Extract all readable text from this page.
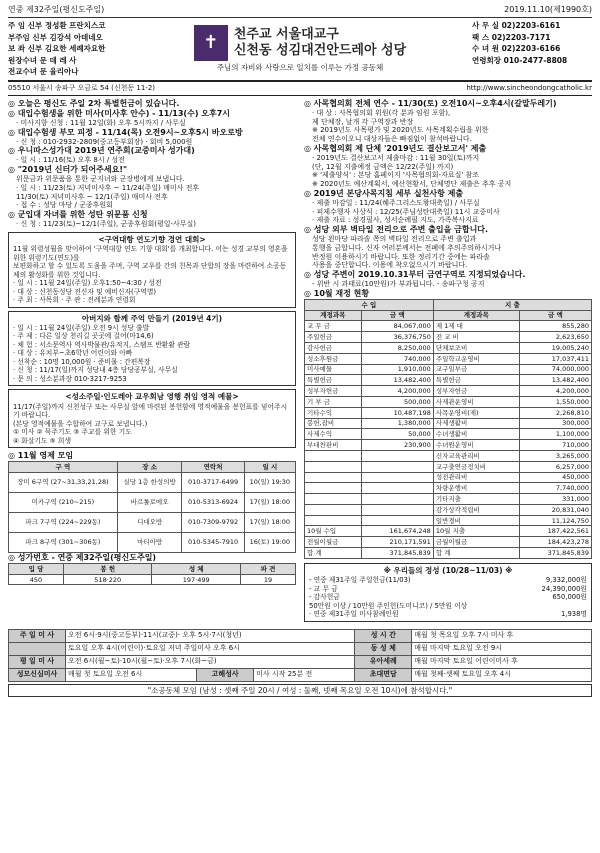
연중 제32주일(평신도주일)	2019.11.10(제1990호)
주 임 신부 정성환 프란치스코
부주임 신부 김강석 아데네오
보 좌 신부 김요한 세례자요한
원장수녀 문 데 레 사
전교수녀 문 율리아나
✝	천주교 서울대교구
신천동 성김대건안드레아 성당
주님의 자비와 사랑으로 일치를 이루는 가정 공동체
사 무 실 02)2203-6161
팩 스 02)2203-7171
수 녀 원 02)2203-6166
연령회장 010-2477-8808
05510 서울시 송파구 오금로 54 (신천동 11-2)	http://www.sincheondongcatholic.kr

◎ 오늘은 평신도 주일 2차 특별헌금이 있습니다.

◎ 대입수험생을 위한 미사(미사후 안수) - 11/13(수) 오후7시

· 미사지향 신청 : 11월 12일(화) 오후 5시까지 / 사무실

◎ 대입수험생 부모 피정 - 11/14(목) 오전9시~오후5시 바오로방

· 신 청 : 010-2932-2809(중고등부회장) · 회비 5,000원

◎ 우니따스성가대 2019년 연주회(교중미사 성가대)

· 일 시 : 11/16(토) 오후 8시 / 성전

◎ "2019년 신터가 되어주세요!"

위문금과 위문품을 통한 군지녀와 군장병에게 보냅니다.

· 일 시 : 11/23(토) 저녁미사후 ~ 11/24(주일) 매미사 전후

11/30(토) 저녁미사후 ~ 12/1(주일) 매미사 전후

· 접 수 : 성당 마당 / 군종후원회

◎ 군입대 자녀를 위한 성탄 위문품 신청

· 신 청 : 11/23(토)~12/1(주일), 군종후원회(평일-사무실)

<구역대항 연도기향 경연 대회>
11월 위령성월을 맞이하여 '구역대항 연도 기향 대회'를 개최합니다. 이는 성경 교부의 영혼을 위한 위령기도(연도)를
보편화하고 할 수 있도록 도움을 주며, 구역 교우를 간의 친목과 단합의 장을 마련하여 소공동체의 활성화를 위한 것입니다.
· 일 시 : 11월 24일(주일) 오후1:50~4:30 / 성전
· 대 상 : 신천동성당 전신자 및 예비신자(구역별)
· 주 최 : 사목회 · 주 관 : 전례분과 연령회
아버지와 함께 주억 만들기 (2019년 4기)
· 일 시 : 11월 24일(주일) 오전 9시 성당 출발
· 주 제 : 다른 일상 천리길 곳곳에 걸어(마14,6)
· 체 험 : 서소문역사 역사박물관/유적지, 스탬프 반환활 관람
· 대 상 : 유치부~초6학년 어린이와 아빠
· 선착순 : 10명 10,000원 · 준비물 : 간편복장
· 신 청 : 11/17(일)까지 성당내 4층 당당공부실, 사무실
· 문 의 : 성소분과장 010-3217-9253
<성소주일·인도레아 교우회남 영행 취임 영적 예물>
11/17(주일)까지 신천성구 또는 사무실 앞에 마련된 봉헌함에 영적예물을 봉헌표를 넣어주시기 바랍니다.
(본당 영적예물을 수합하여 교구로 보냅니다.)
① 미사 ② 묵주기도 ③ 주교를 위한 기도
④ 화살기도 ⑤ 희생

◎ 11월 영제 모임

구 역	장 소	연락처	일 시
장미 6구역 (27~31,33,21,28)	실당 1층 한성의방	010-3717-6499	10(일) 19:30
미카구역 (210~215)	바르톨로메오	010-5313-6924	17(일) 18:00
파크 7구역 (224~229동)	디대오방	010-7309-9792	17(일) 18:00
파크 8구역 (301~306동)	마티아방	010-5345-7910	16(토) 19:00

◎ 성가번호 - 연중 제32주일(평신도주일)

입 당	봉 헌	성 체	파 견
450	518·220	197·499	19

◎ 사목협의회 전체 연수 - 11/30(토) 오전10시~오후4시(갈말두레기)

· 대 상 : 사목협의회 위원(각 분과 임원 포함),

제 단체장, 날개 각 구역장과 반장

※ 2019년도 사목평가 및 2020년도 사목계획수립을 위한

전체 연수이오니 대상자들은 빠짐없이 참석바랍니다.

◎ 사목협의회 제 단체 '2019년도 결산보고서' 제출

· 2019년도 결산보고서 제출마감 : 11월 30일(토)까지

(단, 12월 지출예정 금액은 12/22(주일) 까지)

※ '제출양식' : 본당 홈페이지 '사목협의회-자료실' 참조

※ 2020년도 예산계획서, 예산현황서, 단체명단 제출은 추후 공지

◎ 2019년 본당사목지침 세부 실천사항 제출

· 제출 마감일 : 11/24(혜주그리스도왕대축일) / 사무실

· 피제수행자 사상식 : 12/25(주님성탄대축일) 11시 교중미사

· 제출 자료 : 성경필사, 성서순례필 지도, 가족복사지료

◎ 성당 외부 벽타일 전리으로 주변 출입을 금합니다.

성당 왼마당 파라솔 쪽의 벽타일 전리으로 주변 출입과

통행을 금합니다. 신자 여러분께서는 전폐에 추의주의하시거나

반정원 이용하시기 바랍니다. 또한 정리기간 중에는 파라솔

사용을 중단합니다. 이용에 착오없으시기 바랍니다.

◎ 성당 주변이 2019.10.31부터 금연구역로 지정되었습니다.

- 위반 시 과태료(10만원)가 부과됩니다. - 송파구청 공지

◎ 10월 재정 현황

수 입		지 출	
계정과목	금 액	계정과목	금 액
교 무 금	84,067,000	제 1제 대	855,280
주일헌금	36,376,750	전 교 비	2,623,650
감사헌금	8,250,000	단체보조비	19,005,240
성소후원금	740,000	주일학교운영비	17,037,411
미사예물	1,910,000	교구일부금	74,000,000
특별헌금	13,482,400	특별헌금	13,482,400
성부자헌금	4,200,000	성부자헌금	4,200,000
기 부 금	500,000	사제관운영비	1,550,000
기타수익	10,487,198	사목운영비(제)	2,268,810
봉헌,잡비	1,380,000	사제생활비	300,000
사제수익	50,000	수녀생활비	1,100,000
부대찬판비	230,900	수녀원운영비	710,000
		신자교육관리비	3,265,000
		교구출연금정치비	6,257,000
		성전관리비	450,000
		차량운행비	7,740,000
		기타지출	331,000
		감가상각적립비	20,831,040
		일반경비	11,124,750
10월 수입	161,674,248	10월 지출	187,422,561
전월이월금	210,171,591	금월이월금	184,423,278
합 계	371,845,839	합 계	371,845,839
※ 우리들의 정성 (10/28~11/03) ※
- 연중 제31주일 주일헌금(11/03)	9,332,000원
- 교 무 금	24,390,000원
- 감사헌금	650,000원
50만원 이상 / 10만원 주인헌(도미니코) / 5만원 이상
· 연중 제31주일 미사참례인원	1,938명
주 일 미 사	오전 6시·9시(중고등부)·11시(교중)· 오후 5시·7시(청년)			성 시 간	매월 첫 목요일 오후 7시 미사 후
	토요일 오후 4시(어린이)·토요일 저녁 주일미사 오후 6시			동 성 체	매월 마지막 토요일 오전 9시
평 일 미 사	오전 6시(월~토)·10시(월~토)·오후 7시(화~금)			유아세례	매월 마지막 토요일 어린이미사 후
성모신심미사	매월 첫 토요일 오전 6시	고해성사	미사 시작 25분 전	초대면담	매월 첫째·셋째 토요일 오후 4시
"소공동체 모임 (남성 : 셋째 주일 20시 / 여성 : 둘째, 넷째 목요일 오전 10시)에 참석합시다."
